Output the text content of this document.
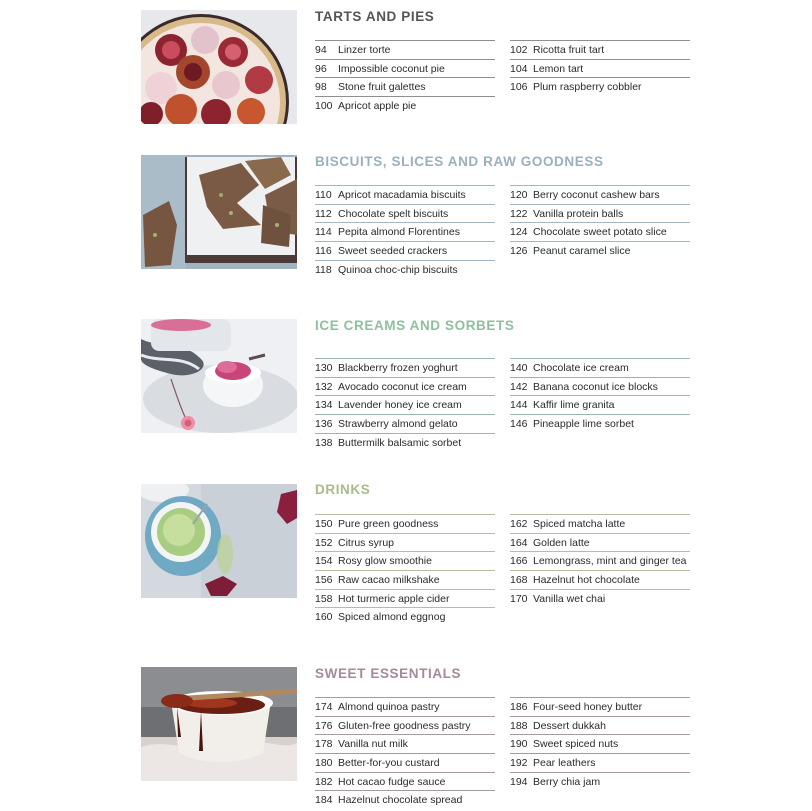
TARTS AND PIES
94 Linzer torte
96 Impossible coconut pie
98 Stone fruit galettes
100 Apricot apple pie
102 Ricotta fruit tart
104 Lemon tart
106 Plum raspberry cobbler
BISCUITS, SLICES AND RAW GOODNESS
110 Apricot macadamia biscuits
112 Chocolate spelt biscuits
114 Pepita almond Florentines
116 Sweet seeded crackers
118 Quinoa choc-chip biscuits
120 Berry coconut cashew bars
122 Vanilla protein balls
124 Chocolate sweet potato slice
126 Peanut caramel slice
ICE CREAMS AND SORBETS
130 Blackberry frozen yoghurt
132 Avocado coconut ice cream
134 Lavender honey ice cream
136 Strawberry almond gelato
138 Buttermilk balsamic sorbet
140 Chocolate ice cream
142 Banana coconut ice blocks
144 Kaffir lime granita
146 Pineapple lime sorbet
DRINKS
150 Pure green goodness
152 Citrus syrup
154 Rosy glow smoothie
156 Raw cacao milkshake
158 Hot turmeric apple cider
160 Spiced almond eggnog
162 Spiced matcha latte
164 Golden latte
166 Lemongrass, mint and ginger tea
168 Hazelnut hot chocolate
170 Vanilla wet chai
SWEET ESSENTIALS
174 Almond quinoa pastry
176 Gluten-free goodness pastry
178 Vanilla nut milk
180 Better-for-you custard
182 Hot cacao fudge sauce
184 Hazelnut chocolate spread
186 Four-seed honey butter
188 Dessert dukkah
190 Sweet spiced nuts
192 Pear leathers
194 Berry chia jam
